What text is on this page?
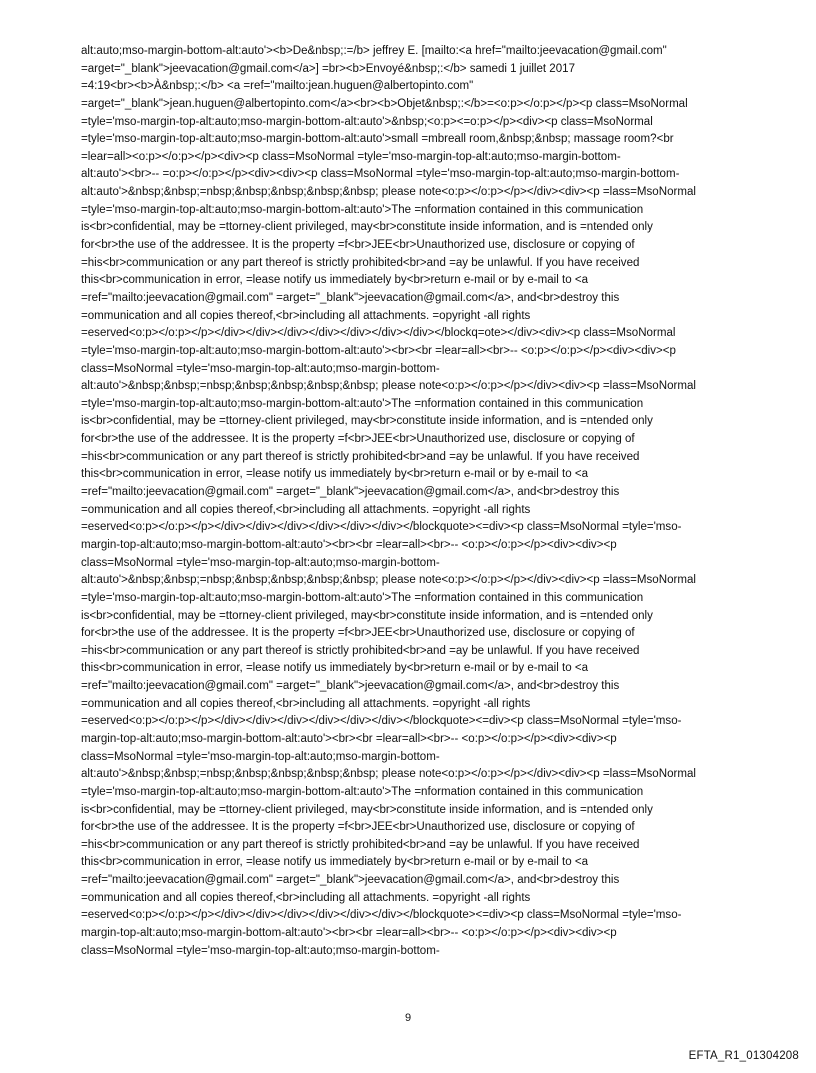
alt:auto;mso-margin-bottom-alt:auto'><b>De&nbsp;:=/b> jeffrey E. [mailto:<a href="mailto:jeevacation@gmail.com"
=arget="_blank">jeevacation@gmail.com</a>] =br><b>Envoyé&nbsp;:</b> samedi 1 juillet 2017
=4:19<br><b>À&nbsp;:</b> <a =ref="mailto:jean.huguen@albertopinto.com"
=arget="_blank">jean.huguen@albertopinto.com</a><br><b>Objet&nbsp;:</b>=<o:p></o:p></p><p class=MsoNormal
=tyle='mso-margin-top-alt:auto;mso-margin-bottom-alt:auto'>&nbsp;<o:p><=o:p></p><div><p class=MsoNormal
=tyle='mso-margin-top-alt:auto;mso-margin-bottom-alt:auto'>small =mbreall room,&nbsp;&nbsp; massage room?<br
=lear=all><o:p></o:p></p><div><p class=MsoNormal =tyle='mso-margin-top-alt:auto;mso-margin-bottom-
alt:auto'><br>-- =o:p></o:p></p><div><div><p class=MsoNormal =tyle='mso-margin-top-alt:auto;mso-margin-bottom-
alt:auto'>&nbsp;&nbsp;=nbsp;&nbsp;&nbsp;&nbsp;&nbsp; please note<o:p></o:p></p></div><div><p =lass=MsoNormal
=tyle='mso-margin-top-alt:auto;mso-margin-bottom-alt:auto'>The =nformation contained in this communication
is<br>confidential, may be =ttorney-client privileged, may<br>constitute inside information, and is =ntended only
for<br>the use of the addressee. It is the property =f<br>JEE<br>Unauthorized use, disclosure or copying of
=his<br>communication or any part thereof is strictly prohibited<br>and =ay be unlawful. If you have received
this<br>communication in error, =lease notify us immediately by<br>return e-mail or by e-mail to <a
=ref="mailto:jeevacation@gmail.com" =arget="_blank">jeevacation@gmail.com</a>, and<br>destroy this
=ommunication and all copies thereof,<br>including all attachments. =opyright -all rights
=eserved<o:p></o:p></p></div></div></div></div></div></div></div></blockq=ote></div><div><p class=MsoNormal
=tyle='mso-margin-top-alt:auto;mso-margin-bottom-alt:auto'><br><br =lear=all><br>-- <o:p></o:p></p><div><div><p
class=MsoNormal =tyle='mso-margin-top-alt:auto;mso-margin-bottom-
alt:auto'>&nbsp;&nbsp;=nbsp;&nbsp;&nbsp;&nbsp;&nbsp; please note<o:p></o:p></p></div><div><p =lass=MsoNormal
=tyle='mso-margin-top-alt:auto;mso-margin-bottom-alt:auto'>The =nformation contained in this communication
is<br>confidential, may be =ttorney-client privileged, may<br>constitute inside information, and is =ntended only
for<br>the use of the addressee. It is the property =f<br>JEE<br>Unauthorized use, disclosure or copying of
=his<br>communication or any part thereof is strictly prohibited<br>and =ay be unlawful. If you have received
this<br>communication in error, =lease notify us immediately by<br>return e-mail or by e-mail to <a
=ref="mailto:jeevacation@gmail.com" =arget="_blank">jeevacation@gmail.com</a>, and<br>destroy this
=ommunication and all copies thereof,<br>including all attachments. =opyright -all rights
=eserved<o:p></o:p></p></div></div></div></div></div></div></blockquote><=div><p class=MsoNormal =tyle='mso-
margin-top-alt:auto;mso-margin-bottom-alt:auto'><br><br =lear=all><br>-- <o:p></o:p></p><div><div><p
class=MsoNormal =tyle='mso-margin-top-alt:auto;mso-margin-bottom-
alt:auto'>&nbsp;&nbsp;=nbsp;&nbsp;&nbsp;&nbsp;&nbsp; please note<o:p></o:p></p></div><div><p =lass=MsoNormal
=tyle='mso-margin-top-alt:auto;mso-margin-bottom-alt:auto'>The =nformation contained in this communication
is<br>confidential, may be =ttorney-client privileged, may<br>constitute inside information, and is =ntended only
for<br>the use of the addressee. It is the property =f<br>JEE<br>Unauthorized use, disclosure or copying of
=his<br>communication or any part thereof is strictly prohibited<br>and =ay be unlawful. If you have received
this<br>communication in error, =lease notify us immediately by<br>return e-mail or by e-mail to <a
=ref="mailto:jeevacation@gmail.com" =arget="_blank">jeevacation@gmail.com</a>, and<br>destroy this
=ommunication and all copies thereof,<br>including all attachments. =opyright -all rights
=eserved<o:p></o:p></p></div></div></div></div></div></div></blockquote><=div><p class=MsoNormal =tyle='mso-
margin-top-alt:auto;mso-margin-bottom-alt:auto'><br><br =lear=all><br>-- <o:p></o:p></p><div><div><p
class=MsoNormal =tyle='mso-margin-top-alt:auto;mso-margin-bottom-
alt:auto'>&nbsp;&nbsp;=nbsp;&nbsp;&nbsp;&nbsp;&nbsp; please note<o:p></o:p></p></div><div><p =lass=MsoNormal
=tyle='mso-margin-top-alt:auto;mso-margin-bottom-alt:auto'>The =nformation contained in this communication
is<br>confidential, may be =ttorney-client privileged, may<br>constitute inside information, and is =ntended only
for<br>the use of the addressee. It is the property =f<br>JEE<br>Unauthorized use, disclosure or copying of
=his<br>communication or any part thereof is strictly prohibited<br>and =ay be unlawful. If you have received
this<br>communication in error, =lease notify us immediately by<br>return e-mail or by e-mail to <a
=ref="mailto:jeevacation@gmail.com" =arget="_blank">jeevacation@gmail.com</a>, and<br>destroy this
=ommunication and all copies thereof,<br>including all attachments. =opyright -all rights
=eserved<o:p></o:p></p></div></div></div></div></div></div></blockquote><=div><p class=MsoNormal =tyle='mso-
margin-top-alt:auto;mso-margin-bottom-alt:auto'><br><br =lear=all><br>-- <o:p></o:p></p><div><div><p
class=MsoNormal =tyle='mso-margin-top-alt:auto;mso-margin-bottom-
9
EFTA_R1_01304208
